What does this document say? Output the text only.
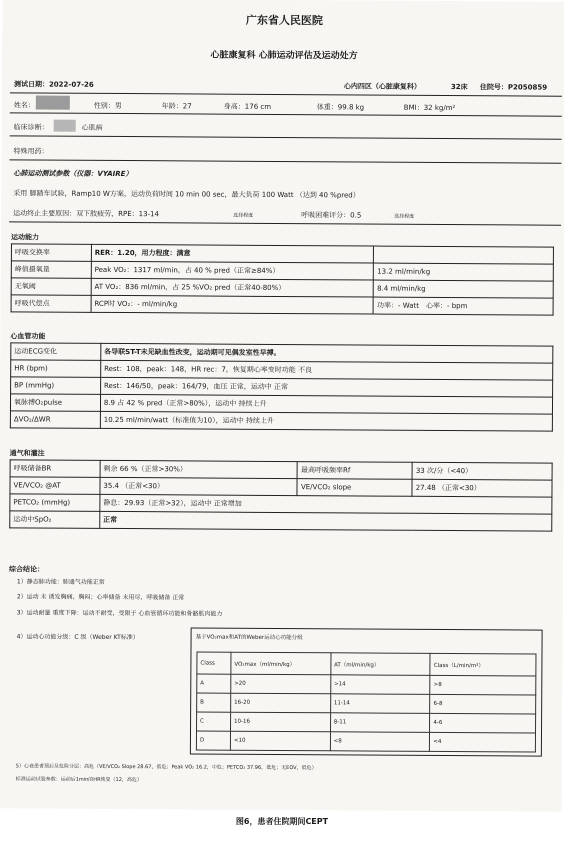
广东省人民医院
心脏康复科 心肺运动评估及运动处方
测试日期：2022-07-26	心内四区（心脏康复科）	32床 住院号：P2050859
姓名：	性别：男	年龄：27	身高：176 cm	体重：99.8 kg	BMI：32 kg/m²
临床诊断：	心肌病
特殊用药：
心肺运动测试参数（仪器：VYAIRE）
采用 脚踏车试验，Ramp10 W方案，运动负荷时间 10 min 00 sec，最大负荷 100 Watt （达到 40 %pred）
运动终止主要原因：双下肢疲劳，RPE：13-14	选择程度	呼吸困难评分：0.5	选择程度
运动能力
呼吸交换率	RER：1.20，用力程度：满意	
峰值摄氧量	Peak VO₂：1317 ml/min，占 40 % pred（正常≥84%）	13.2 ml/min/kg
无氧阈	AT VO₂：836 ml/min，占 25 %VO₂ pred（正常40-80%）	8.4 ml/min/kg
呼吸代偿点	RCP时 VO₂：- ml/min/kg	功率：- Watt　心率：- bpm
心血管功能
运动ECG变化	各导联ST-T未见缺血性改变，运动期可见偶发室性早搏。
HR (bpm)	Rest：108，peak：148，HR rec：7，恢复期心率变时功能 不良
BP (mmHg)	Rest：146/50，peak：164/79，血压 正常，运动中 正常
氧脉搏O₂pulse	8.9 占 42 % pred（正常>80%），运动中 持续上升
ΔVO₂/ΔWR	10.25 ml/min/watt（标准值为10），运动中 持续上升
通气和灌注
呼吸储备BR	剩余 66 %（正常>30%）	最高呼吸频率Rf	33 次/分（<40）
VE/VCO₂ @AT	35.4 （正常<30）	VE/VCO₂ slope	27.48 （正常<30）
PETCO₂ (mmHg)	静息：29.93（正常>32），运动中 正常增加		
运动中SpO₂	正常		
综合结论：
1）静态肺功能：肺通气功能正常
2）运动 未 诱发胸痛、胸闷；心率储备 未用尽，呼吸储备 正常
3）运动耐量 重度下降：运动不耐受，受限于 心血管循环功能和骨骼肌肉能力
4）运动心功能分级：C 级（Weber KT标准）	基于VO₂max和AT的Weber运动心功能分级
Class	VO₂max（ml/min/kg）	AT（ml/min/kg）	Class（L/min/m²）
A	>20	>14	>8
B	16-20	11-14	6-8
C	10-16	8-11	4-6
D	<10	<8	<4
5）心衰患者预后及危险分层：高危（VE/VCO₂ Slope 28.67，低危；Peak VO₂ 16.2，中危；PETCO₂ 37.96，低危；无EOV，低危）
标准运动试验参数：运动后1min的HR恢复（12，高危）
图6，患者住院期间CEPT
